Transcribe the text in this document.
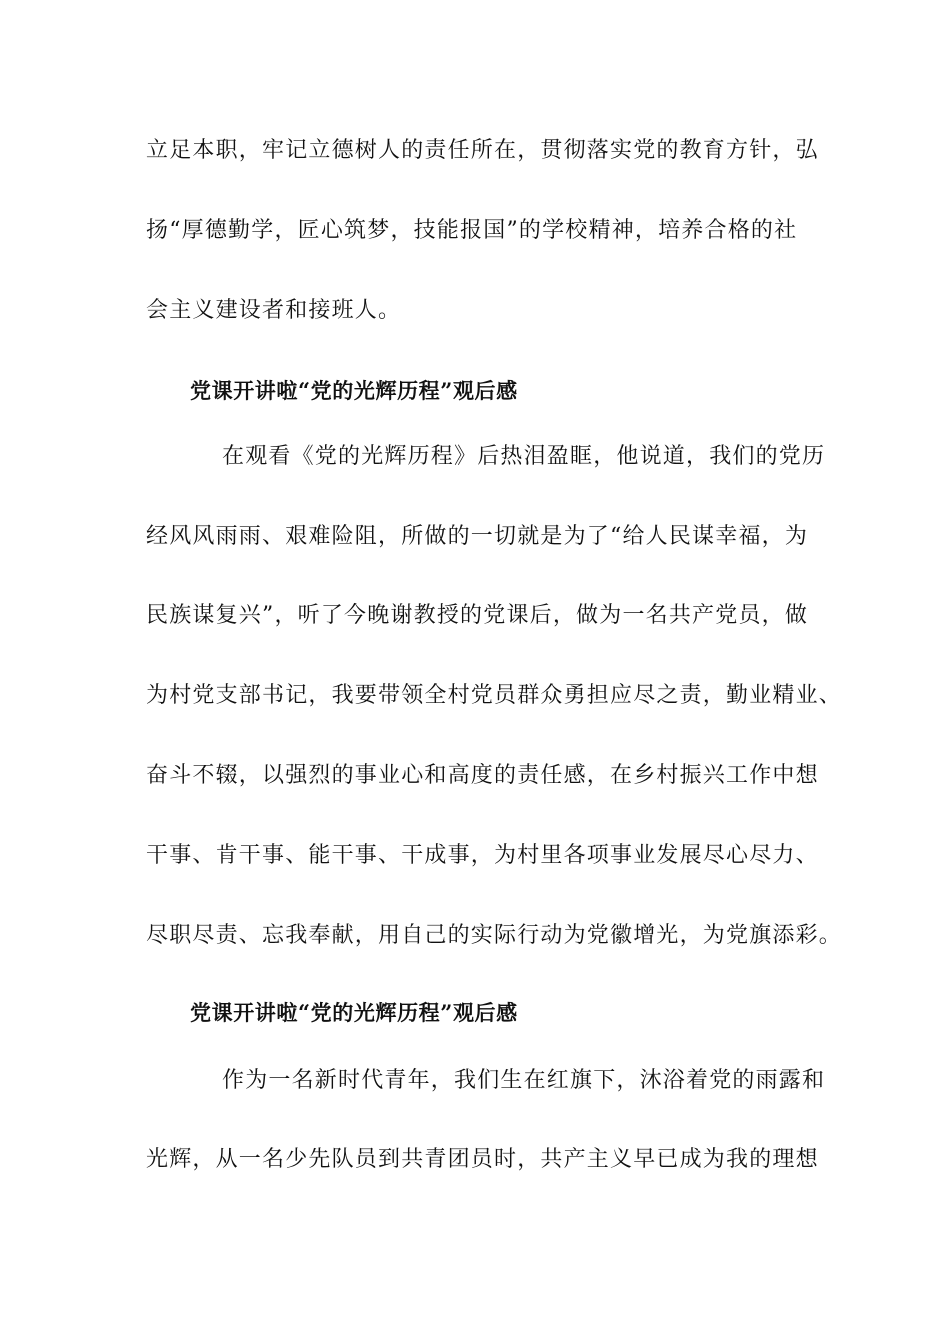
立足本职，牢记立德树人的责任所在，贯彻落实党的教育方针，弘
扬“厚德勤学，匠心筑梦，技能报国”的学校精神，培养合格的社
会主义建设者和接班人。
党课开讲啦“党的光辉历程”观后感
在观看《党的光辉历程》后热泪盈眶，他说道，我们的党历
经风风雨雨、艰难险阻，所做的一切就是为了“给人民谋幸福，为
民族谋复兴”，听了今晚谢教授的党课后，做为一名共产党员，做
为村党支部书记，我要带领全村党员群众勇担应尽之责，勤业精业、
奋斗不辍，以强烈的事业心和高度的责任感，在乡村振兴工作中想
干事、肯干事、能干事、干成事，为村里各项事业发展尽心尽力、
尽职尽责、忘我奉献，用自己的实际行动为党徽增光，为党旗添彩。
党课开讲啦“党的光辉历程”观后感
作为一名新时代青年，我们生在红旗下，沐浴着党的雨露和
光辉，从一名少先队员到共青团员时，共产主义早已成为我的理想
